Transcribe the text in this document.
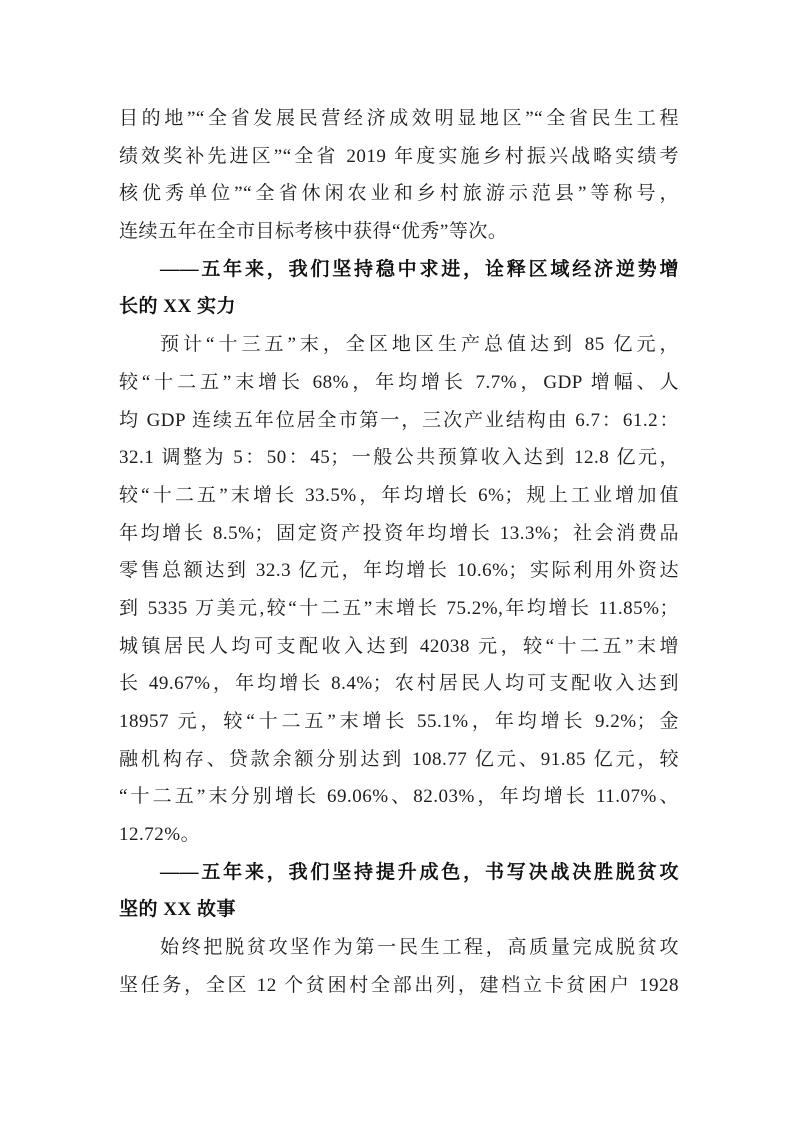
目的地”“全省发展民营经济成效明显地区”“全省民生工程
绩效奖补先进区”“全省 2019 年度实施乡村振兴战略实绩考
核优秀单位”“全省休闲农业和乡村旅游示范县”等称号，
连续五年在全市目标考核中获得“优秀”等次。
——五年来，我们坚持稳中求进，诠释区域经济逆势增
长的 XX 实力
预计“十三五”末，全区地区生产总值达到 85 亿元，
较“十二五”末增长 68%，年均增长 7.7%，GDP 增幅、人
均 GDP 连续五年位居全市第一，三次产业结构由 6.7：61.2：
32.1 调整为 5：50：45；一般公共预算收入达到 12.8 亿元，
较“十二五”末增长 33.5%，年均增长 6%；规上工业增加值
年均增长 8.5%；固定资产投资年均增长 13.3%；社会消费品
零售总额达到 32.3 亿元，年均增长 10.6%；实际利用外资达
到 5335 万美元,较“十二五”末增长 75.2%,年均增长 11.85%；
城镇居民人均可支配收入达到 42038 元，较“十二五”末增
长 49.67%，年均增长 8.4%；农村居民人均可支配收入达到
18957 元，较“十二五”末增长 55.1%，年均增长 9.2%；金
融机构存、贷款余额分别达到 108.77 亿元、91.85 亿元，较
“十二五”末分别增长 69.06%、82.03%，年均增长 11.07%、
12.72%。
——五年来，我们坚持提升成色，书写决战决胜脱贫攻
坚的 XX 故事
始终把脱贫攻坚作为第一民生工程，高质量完成脱贫攻
坚任务，全区 12 个贫困村全部出列，建档立卡贫困户 1928
